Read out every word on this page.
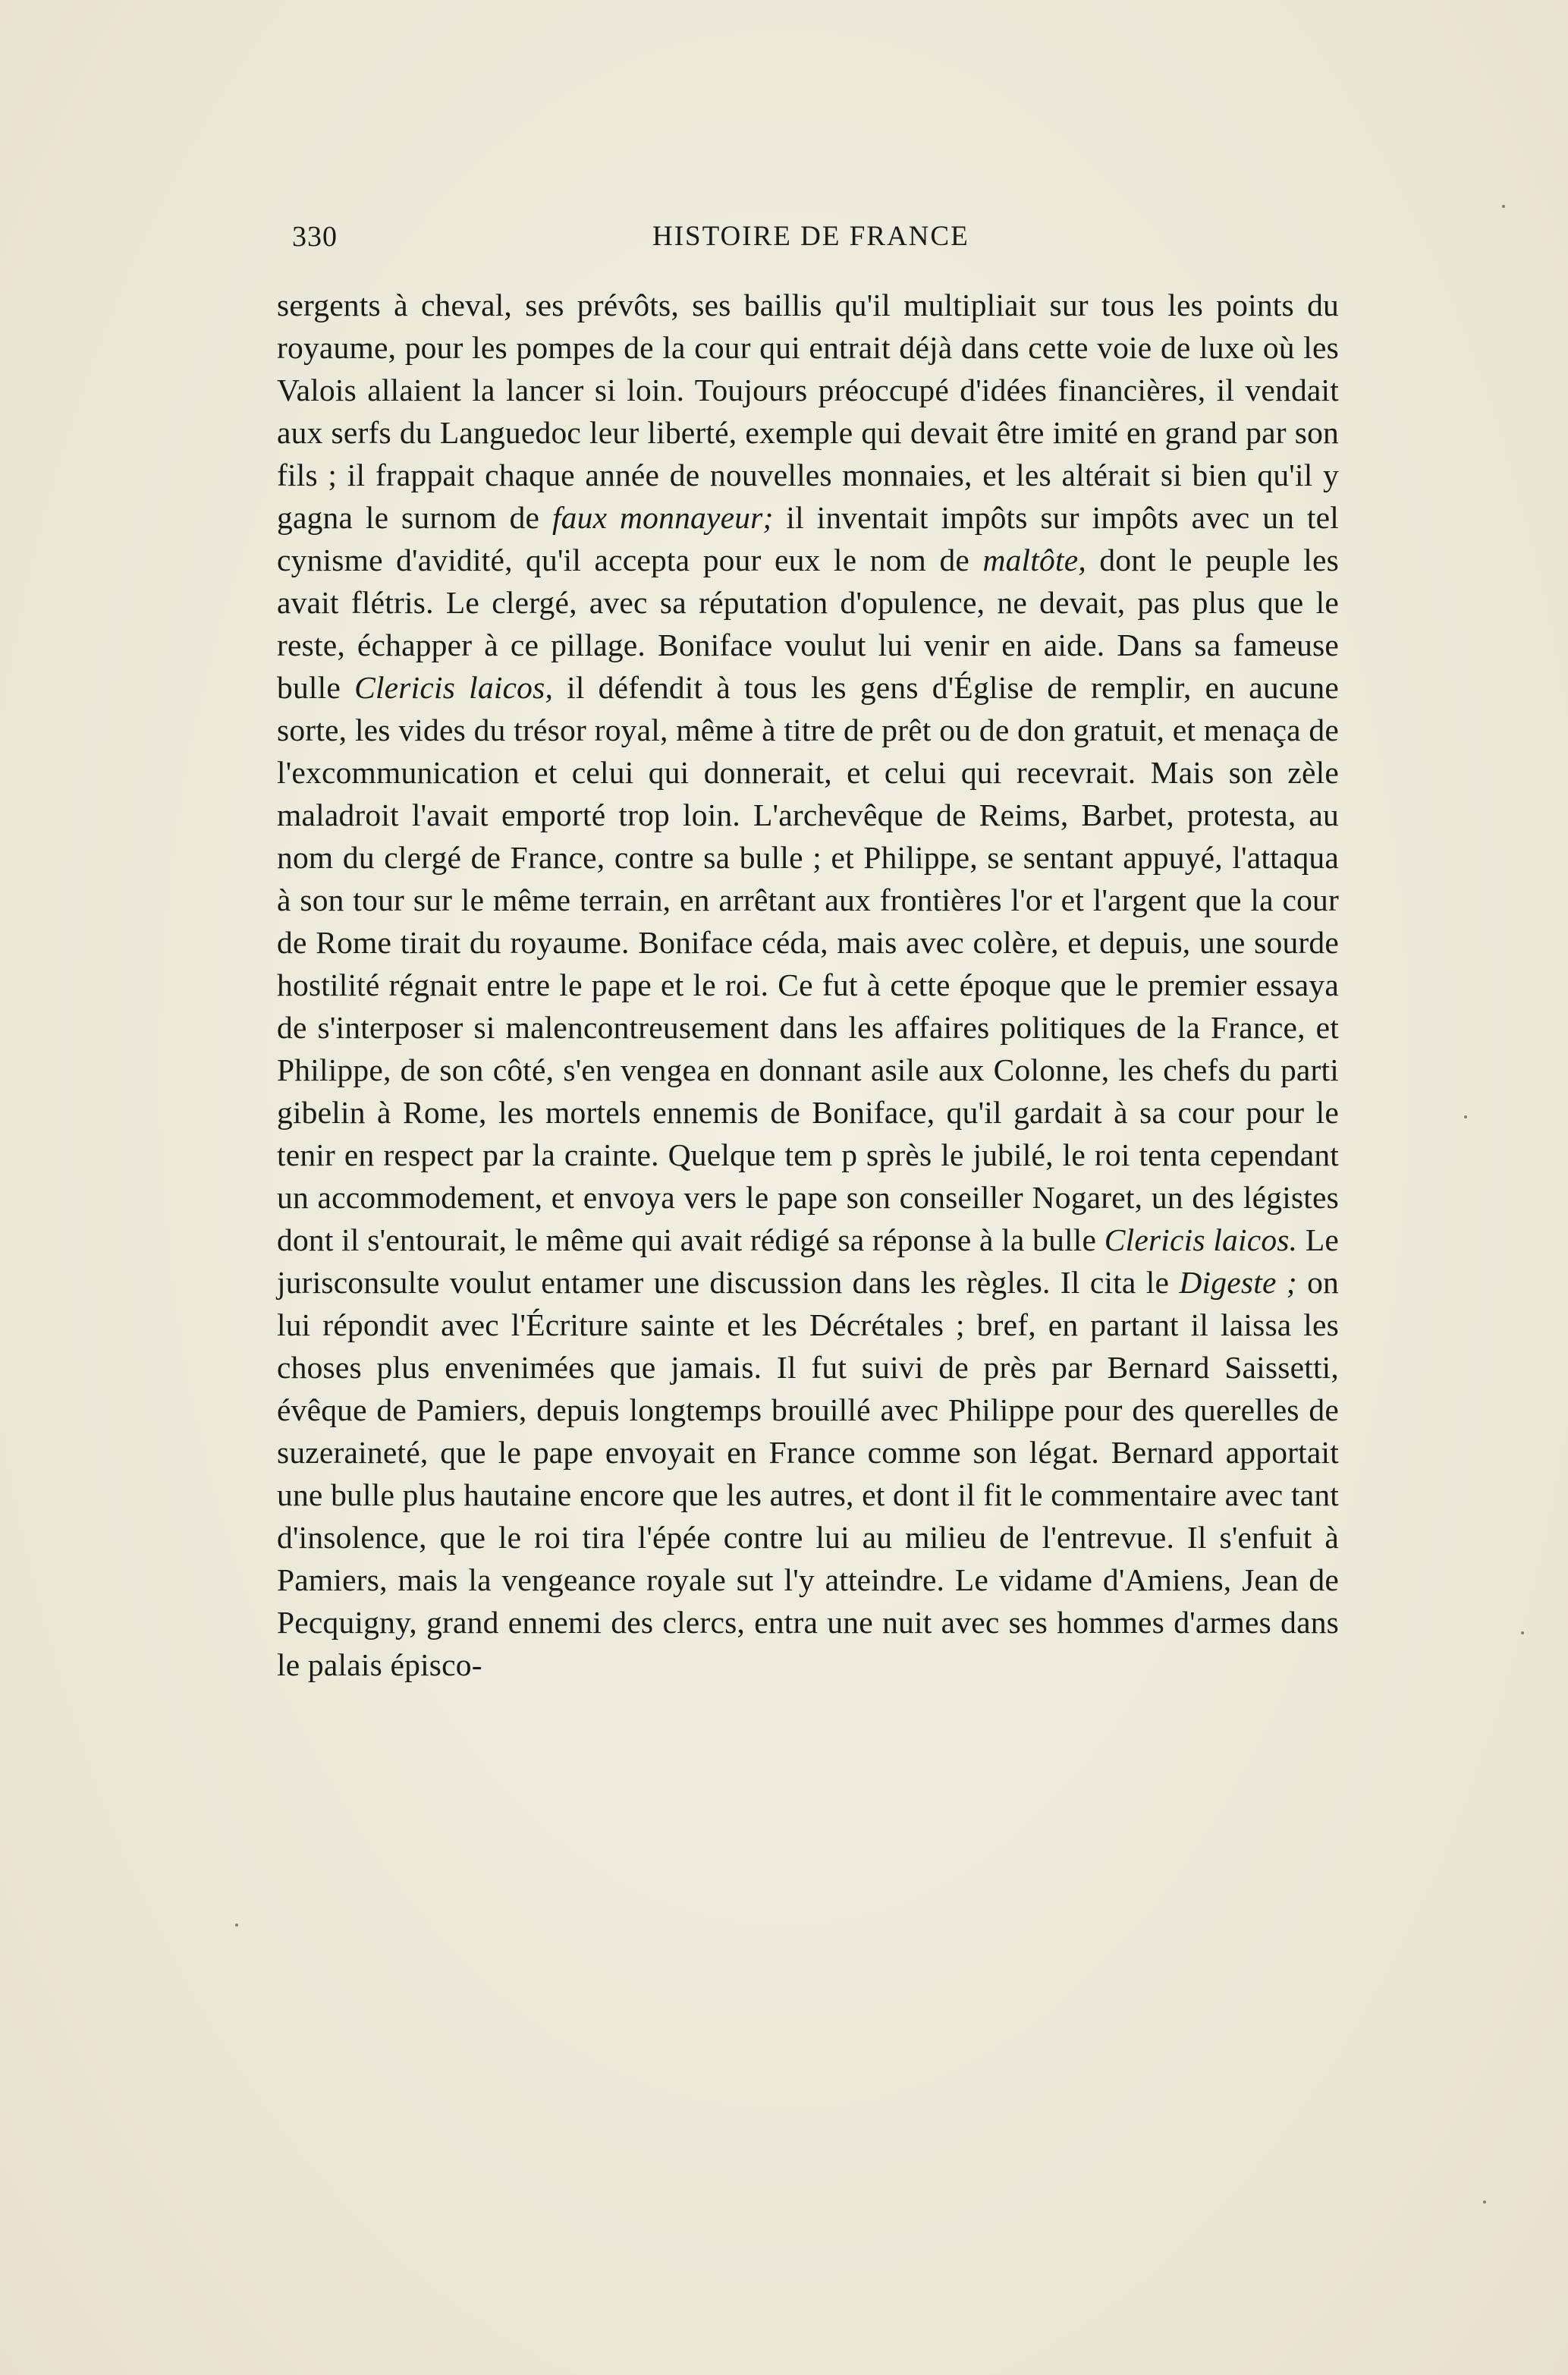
330	HISTOIRE DE FRANCE

sergents à cheval, ses prévôts, ses baillis qu'il multipliait sur tous les points du royaume, pour les pompes de la cour qui entrait déjà dans cette voie de luxe où les Valois allaient la lancer si loin. Toujours préoccupé d'idées financières, il vendait aux serfs du Languedoc leur liberté, exemple qui devait être imité en grand par son fils ; il frappait chaque année de nouvelles monnaies, et les altérait si bien qu'il y gagna le surnom de faux monnayeur; il inventait impôts sur impôts avec un tel cynisme d'avidité, qu'il accepta pour eux le nom de maltôte, dont le peuple les avait flétris. Le clergé, avec sa réputation d'opulence, ne devait, pas plus que le reste, échapper à ce pillage. Boniface voulut lui venir en aide. Dans sa fameuse bulle Clericis laicos, il défendit à tous les gens d'Église de remplir, en aucune sorte, les vides du trésor royal, même à titre de prêt ou de don gratuit, et menaça de l'excommunication et celui qui donnerait, et celui qui recevrait. Mais son zèle maladroit l'avait emporté trop loin. L'archevêque de Reims, Barbet, protesta, au nom du clergé de France, contre sa bulle ; et Philippe, se sentant appuyé, l'attaqua à son tour sur le même terrain, en arrêtant aux frontières l'or et l'argent que la cour de Rome tirait du royaume. Boniface céda, mais avec colère, et depuis, une sourde hostilité régnait entre le pape et le roi. Ce fut à cette époque que le premier essaya de s'interposer si malencontreusement dans les affaires politiques de la France, et Philippe, de son côté, s'en vengea en donnant asile aux Colonne, les chefs du parti gibelin à Rome, les mortels ennemis de Boniface, qu'il gardait à sa cour pour le tenir en respect par la crainte. Quelque tem p sprès le jubilé, le roi tenta cependant un accommodement, et envoya vers le pape son conseiller Nogaret, un des légistes dont il s'entourait, le même qui avait rédigé sa réponse à la bulle Clericis laicos. Le jurisconsulte voulut entamer une discussion dans les règles. Il cita le Digeste ; on lui répondit avec l'Écriture sainte et les Décrétales ; bref, en partant il laissa les choses plus envenimées que jamais. Il fut suivi de près par Bernard Saissetti, évêque de Pamiers, depuis longtemps brouillé avec Philippe pour des querelles de suzeraineté, que le pape envoyait en France comme son légat. Bernard apportait une bulle plus hautaine encore que les autres, et dont il fit le commentaire avec tant d'insolence, que le roi tira l'épée contre lui au milieu de l'entrevue. Il s'enfuit à Pamiers, mais la vengeance royale sut l'y atteindre. Le vidame d'Amiens, Jean de Pecquigny, grand ennemi des clercs, entra une nuit avec ses hommes d'armes dans le palais épisco-
